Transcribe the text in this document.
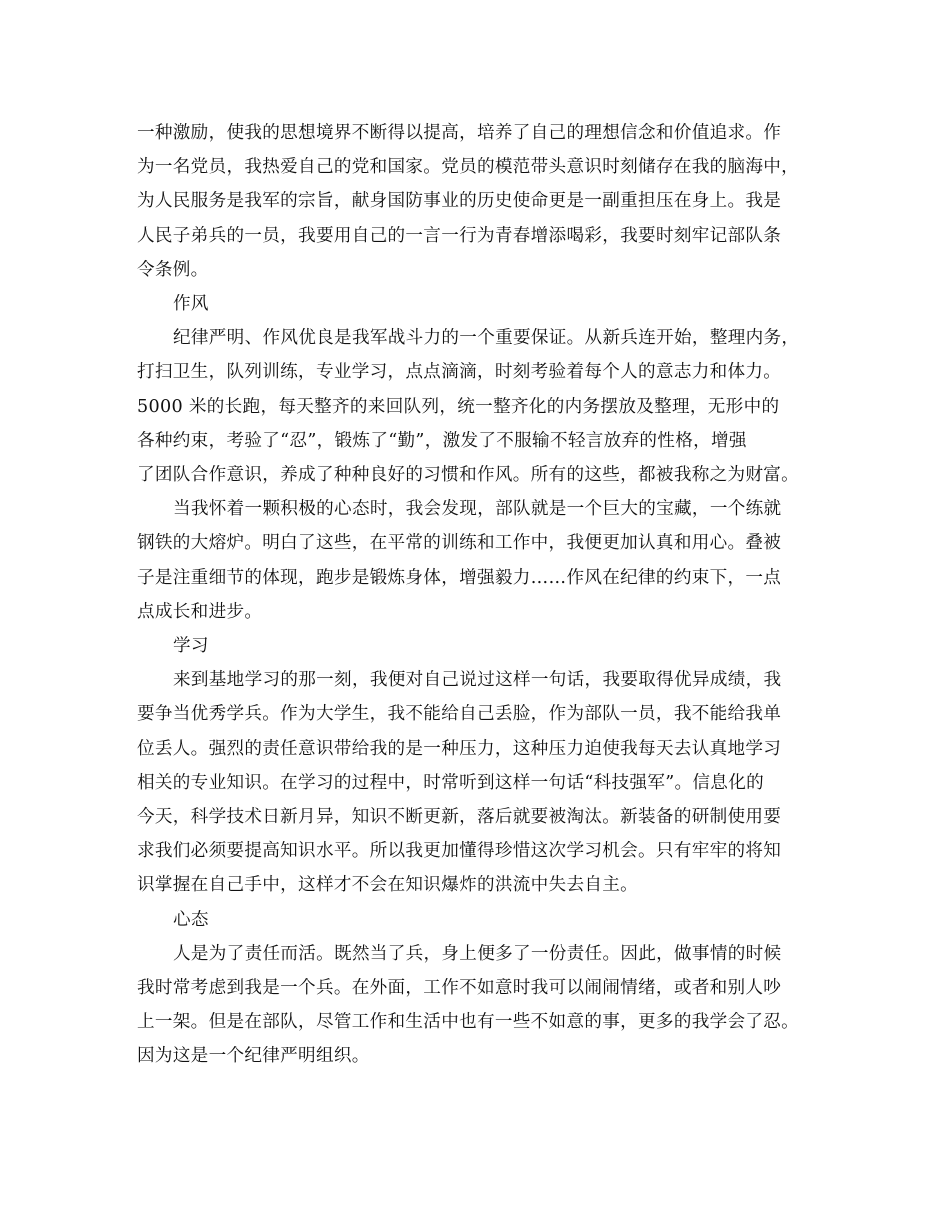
一种激励，使我的思想境界不断得以提高，培养了自己的理想信念和价值追求。作
为一名党员，我热爱自己的党和国家。党员的模范带头意识时刻储存在我的脑海中，
为人民服务是我军的宗旨，献身国防事业的历史使命更是一副重担压在身上。我是
人民子弟兵的一员，我要用自己的一言一行为青春增添喝彩，我要时刻牢记部队条
令条例。
作风
纪律严明、作风优良是我军战斗力的一个重要保证。从新兵连开始，整理内务，
打扫卫生，队列训练，专业学习，点点滴滴，时刻考验着每个人的意志力和体力。
5000 米的长跑，每天整齐的来回队列，统一整齐化的内务摆放及整理，无形中的
各种约束，考验了“忍”，锻炼了“勤”，激发了不服输不轻言放弃的性格，增强
了团队合作意识，养成了种种良好的习惯和作风。所有的这些，都被我称之为财富。
当我怀着一颗积极的心态时，我会发现，部队就是一个巨大的宝藏，一个练就
钢铁的大熔炉。明白了这些，在平常的训练和工作中，我便更加认真和用心。叠被
子是注重细节的体现，跑步是锻炼身体，增强毅力……作风在纪律的约束下，一点
点成长和进步。
学习
来到基地学习的那一刻，我便对自己说过这样一句话，我要取得优异成绩，我
要争当优秀学兵。作为大学生，我不能给自己丢脸，作为部队一员，我不能给我单
位丢人。强烈的责任意识带给我的是一种压力，这种压力迫使我每天去认真地学习
相关的专业知识。在学习的过程中，时常听到这样一句话“科技强军”。信息化的
今天，科学技术日新月异，知识不断更新，落后就要被淘汰。新装备的研制使用要
求我们必须要提高知识水平。所以我更加懂得珍惜这次学习机会。只有牢牢的将知
识掌握在自己手中，这样才不会在知识爆炸的洪流中失去自主。
心态
人是为了责任而活。既然当了兵，身上便多了一份责任。因此，做事情的时候
我时常考虑到我是一个兵。在外面，工作不如意时我可以闹闹情绪，或者和别人吵
上一架。但是在部队，尽管工作和生活中也有一些不如意的事，更多的我学会了忍。
因为这是一个纪律严明组织。
